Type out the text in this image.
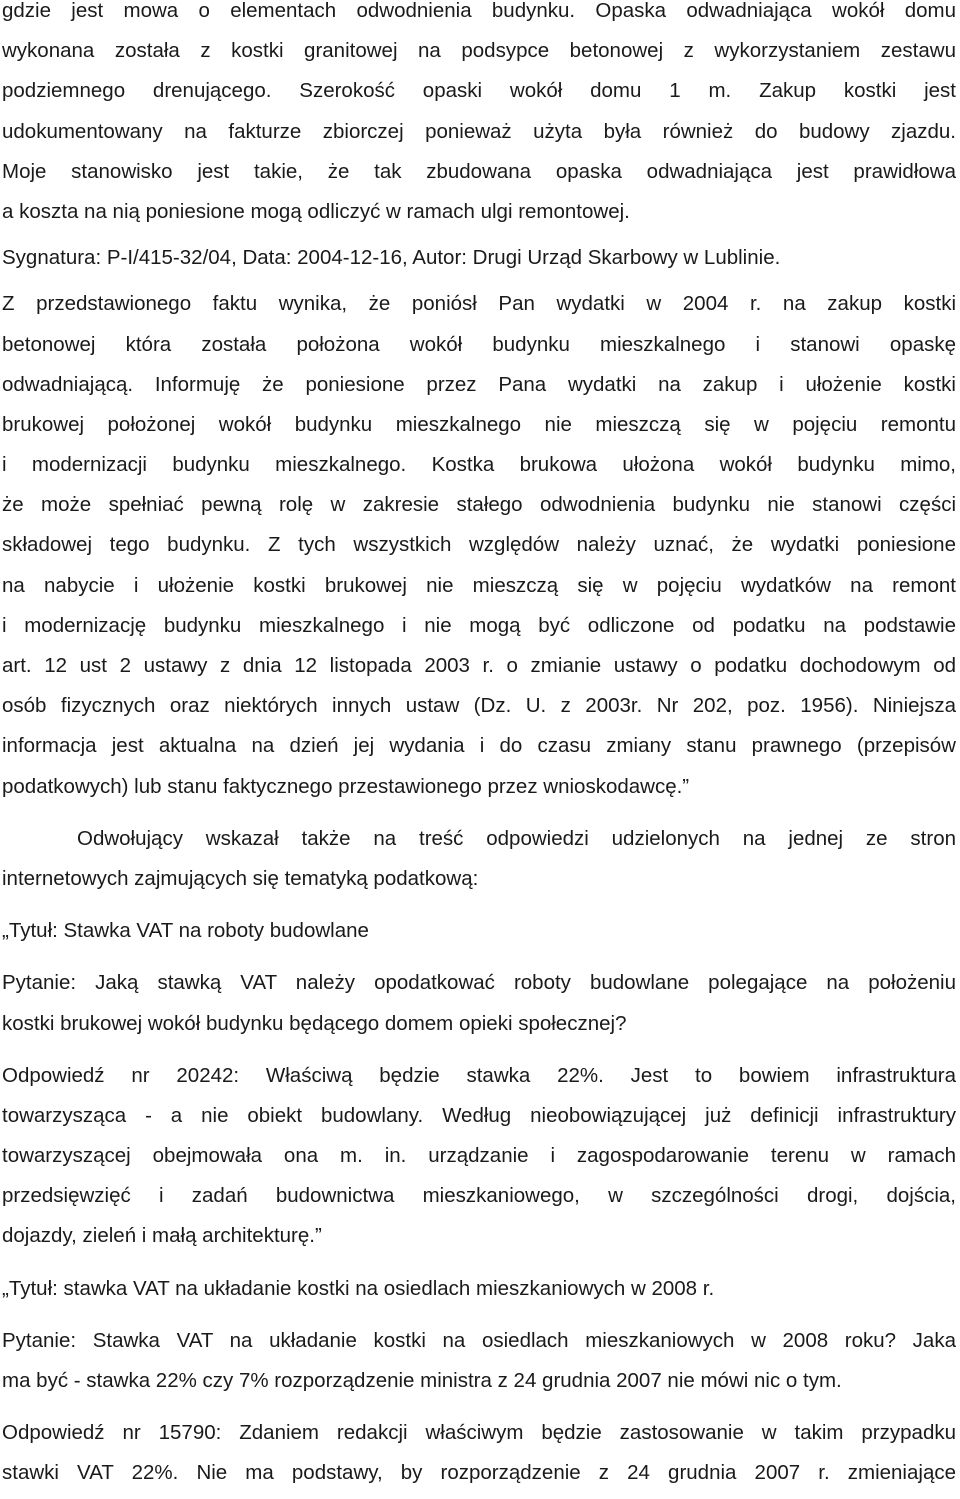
gdzie jest mowa o elementach odwodnienia budynku. Opaska odwadniająca wokół domu
wykonana została z kostki granitowej na podsypce betonowej z wykorzystaniem zestawu
podziemnego drenującego. Szerokość opaski wokół domu 1 m. Zakup kostki jest
udokumentowany na fakturze zbiorczej ponieważ użyta była również do budowy zjazdu.
Moje stanowisko jest takie, że tak zbudowana opaska odwadniająca jest prawidłowa
a koszta na nią poniesione mogą odliczyć w ramach ulgi remontowej.
Sygnatura: P-I/415-32/04, Data: 2004-12-16, Autor: Drugi Urząd Skarbowy w Lublinie.
Z przedstawionego faktu wynika, że poniósł Pan wydatki w 2004 r. na zakup kostki
betonowej która została położona wokół budynku mieszkalnego i stanowi opaskę
odwadniającą. Informuję że poniesione przez Pana wydatki na zakup i ułożenie kostki
brukowej położonej wokół budynku mieszkalnego nie mieszczą się w pojęciu remontu
i modernizacji budynku mieszkalnego. Kostka brukowa ułożona wokół budynku mimo,
że może spełniać pewną rolę w zakresie stałego odwodnienia budynku nie stanowi części
składowej tego budynku. Z tych wszystkich względów należy uznać, że wydatki poniesione
na nabycie i ułożenie kostki brukowej nie mieszczą się w pojęciu wydatków na remont
i modernizację budynku mieszkalnego i nie mogą być odliczone od podatku na podstawie
art. 12 ust 2 ustawy z dnia 12 listopada 2003 r. o zmianie ustawy o podatku dochodowym od
osób fizycznych oraz niektórych innych ustaw (Dz. U. z 2003r. Nr 202, poz. 1956). Niniejsza
informacja jest aktualna na dzień jej wydania i do czasu zmiany stanu prawnego (przepisów
podatkowych) lub stanu faktycznego przestawionego przez wnioskodawcę.”
Odwołujący wskazał także na treść odpowiedzi udzielonych na jednej ze stron
internetowych zajmujących się tematyką podatkową:
„Tytuł: Stawka VAT na roboty budowlane
Pytanie: Jaką stawką VAT należy opodatkować roboty budowlane polegające na położeniu
kostki brukowej wokół budynku będącego domem opieki społecznej?
Odpowiedź nr 20242: Właściwą będzie stawka 22%. Jest to bowiem infrastruktura
towarzysząca - a nie obiekt budowlany. Według nieobowiązującej już definicji infrastruktury
towarzyszącej obejmowała ona m. in. urządzanie i zagospodarowanie terenu w ramach
przedsięwzięć i zadań budownictwa mieszkaniowego, w szczególności drogi, dojścia,
dojazdy, zieleń i małą architekturę.”
„Tytuł: stawka VAT na układanie kostki na osiedlach mieszkaniowych w 2008 r.
Pytanie: Stawka VAT na układanie kostki na osiedlach mieszkaniowych w 2008 roku? Jaka
ma być - stawka 22% czy 7% rozporządzenie ministra z 24 grudnia 2007 nie mówi nic o tym.
Odpowiedź nr 15790: Zdaniem redakcji właściwym będzie zastosowanie w takim przypadku
stawki VAT 22%. Nie ma podstawy, by rozporządzenie z 24 grudnia 2007 r. zmieniające
